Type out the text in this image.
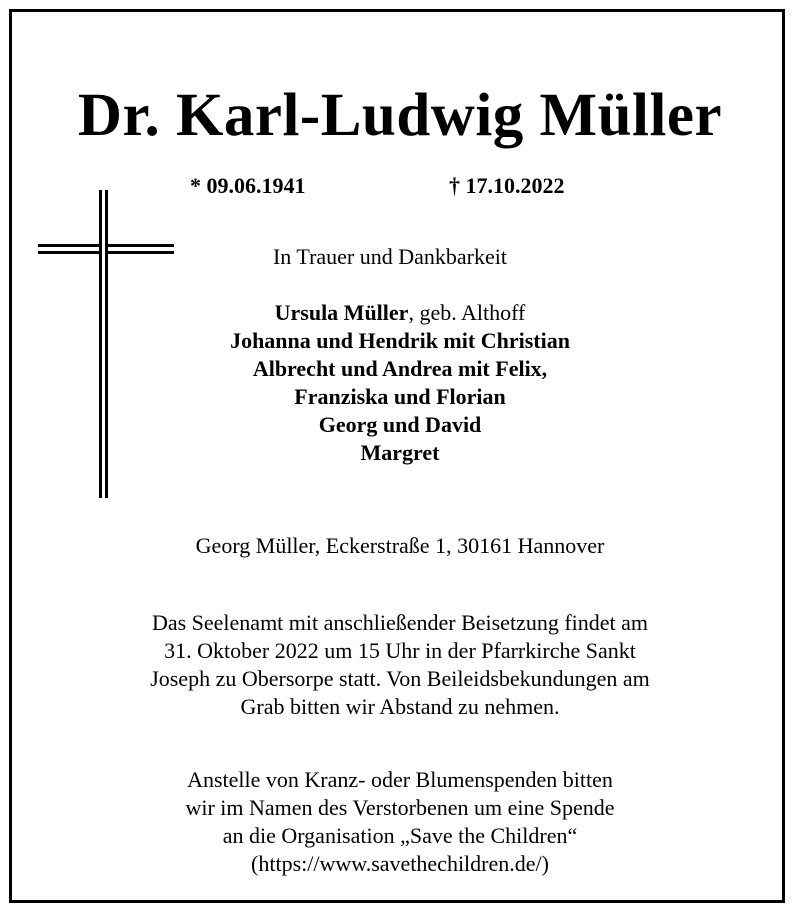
Dr. Karl-Ludwig Müller
* 09.06.1941	† 17.10.2022
In Trauer und Dankbarkeit
Ursula Müller, geb. Althoff
Johanna und Hendrik mit Christian
Albrecht und Andrea mit Felix,
Franziska und Florian
Georg und David
Margret
Georg Müller, Eckerstraße 1, 30161 Hannover
Das Seelenamt mit anschließender Beisetzung findet am
31. Oktober 2022 um 15 Uhr in der Pfarrkirche Sankt
Joseph zu Obersorpe statt. Von Beileidsbekundungen am
Grab bitten wir Abstand zu nehmen.
Anstelle von Kranz- oder Blumenspenden bitten
wir im Namen des Verstorbenen um eine Spende
an die Organisation „Save the Children“
(https://www.savethechildren.de/)
